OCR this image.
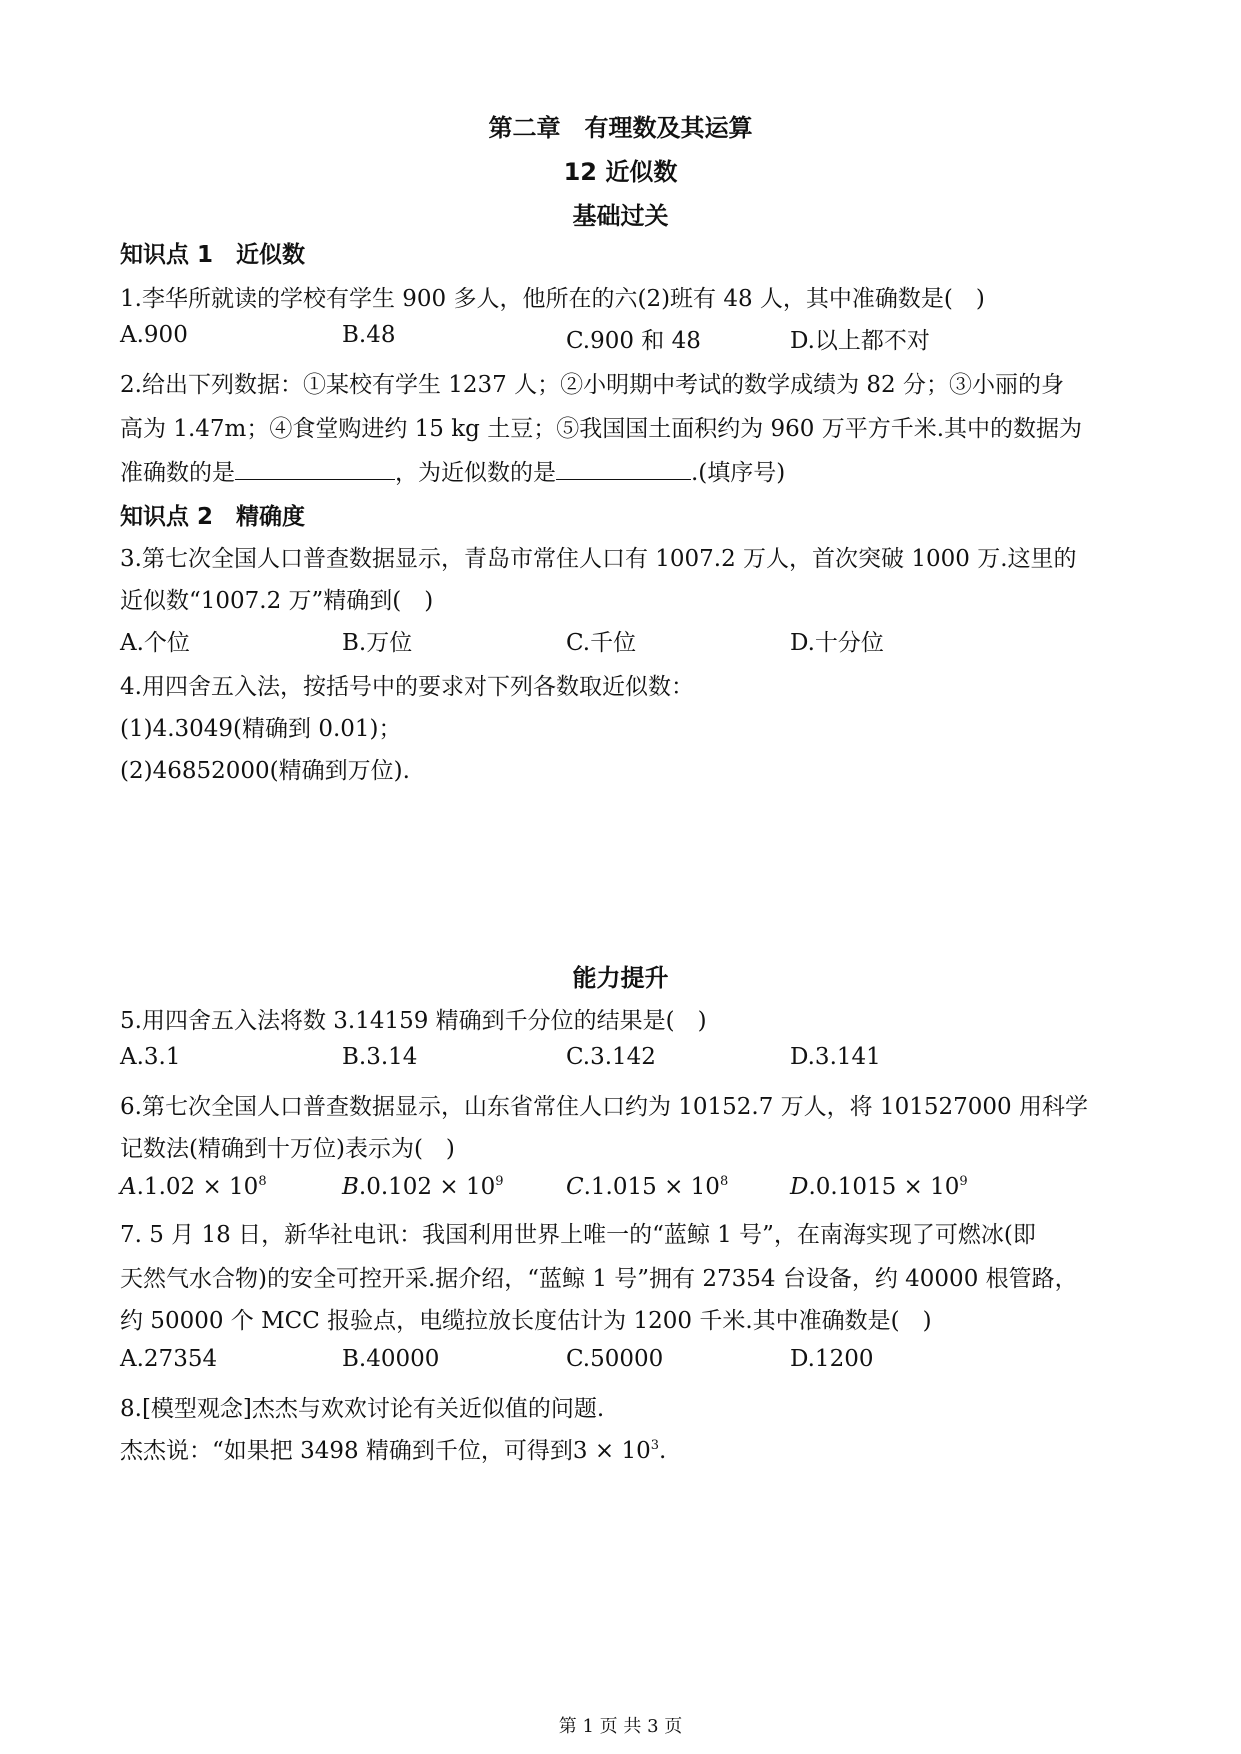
第二章　有理数及其运算
12 近似数
基础过关
知识点 1　近似数
1.李华所就读的学校有学生 900 多人，他所在的六(2)班有 48 人，其中准确数是(　)
A.900	B.48	C.900 和 48	D.以上都不对
2.给出下列数据：①某校有学生 1237 人；②小明期中考试的数学成绩为 82 分；③小丽的身
高为 1.47m；④食堂购进约 15 kg 土豆；⑤我国国土面积约为 960 万平方千米.其中的数据为
准确数的是	，为近似数的是	.(填序号)
知识点 2　精确度
3.第七次全国人口普查数据显示，青岛市常住人口有 1007.2 万人，首次突破 1000 万.这里的
近似数“1007.2 万”精确到(　)
A.个位	B.万位	C.千位	D.十分位
4.用四舍五入法，按括号中的要求对下列各数取近似数：
(1)4.3049(精确到 0.01)；
(2)46852000(精确到万位).
能力提升
5.用四舍五入法将数 3.14159 精确到千分位的结果是(　)
A.3.1	B.3.14	C.3.142	D.3.141
6.第七次全国人口普查数据显示，山东省常住人口约为 10152.7 万人，将 101527000 用科学
记数法(精确到十万位)表示为(　)
$A.1.02 \times 10^8$	$B.0.102 \times 10^9$	$C.1.015 \times 10^8$	$D.0.1015 \times 10^9$
7. 5 月 18 日，新华社电讯：我国利用世界上唯一的“蓝鲸 1 号”，在南海实现了可燃冰(即
天然气水合物)的安全可控开采.据介绍，“蓝鲸 1 号”拥有 27354 台设备，约 40000 根管路，
约 50000 个 MCC 报验点，电缆拉放长度估计为 1200 千米.其中准确数是(　)
A.27354	B.40000	C.50000	D.1200
8.[模型观念]杰杰与欢欢讨论有关近似值的问题.
杰杰说：“如果把 3498 精确到千位，可得到$3 \times 10^3$.
第 1 页 共 3 页
